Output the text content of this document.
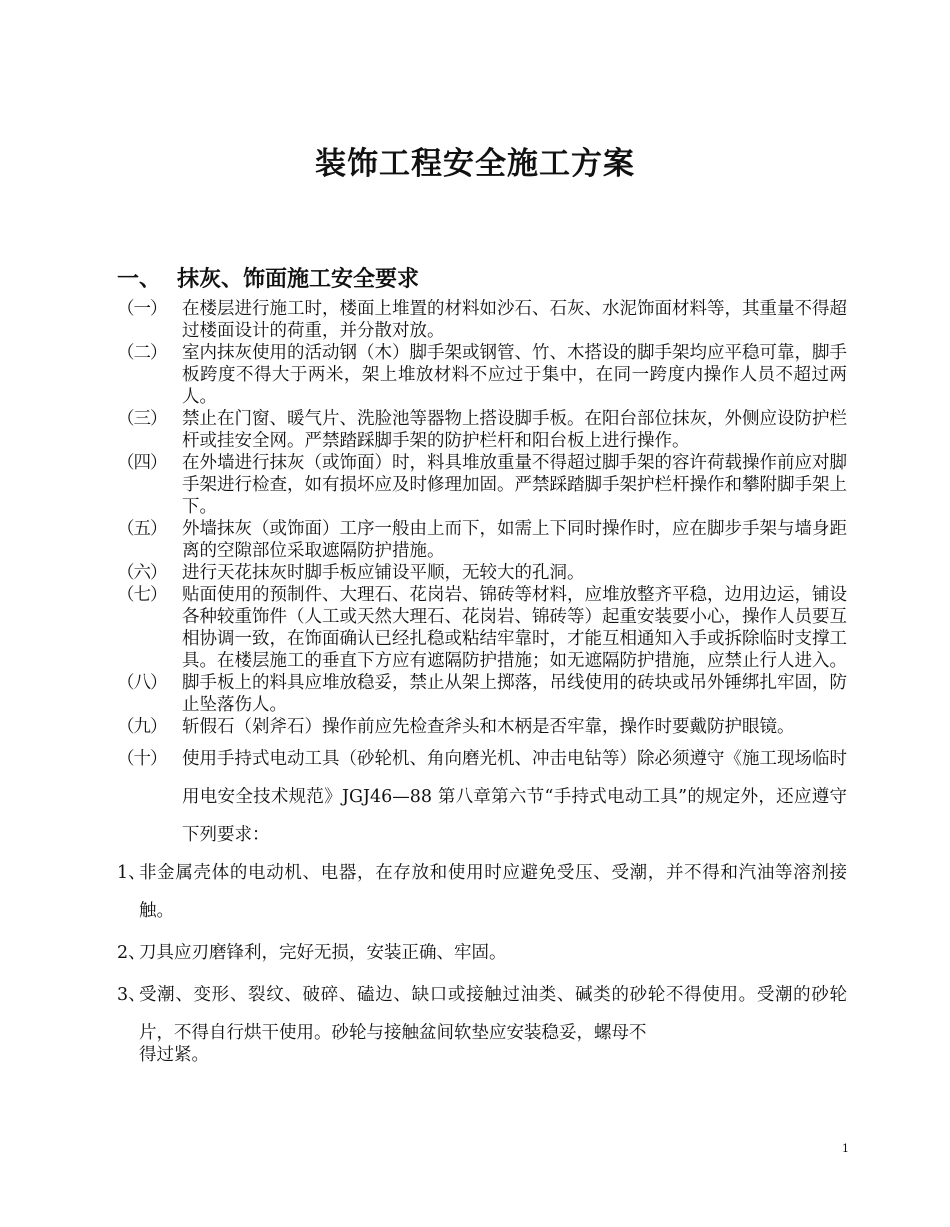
装饰工程安全施工方案
一、 抹灰、饰面施工安全要求

（一） 在楼层进行施工时，楼面上堆置的材料如沙石、石灰、水泥饰面材料等，其重量不得超过楼面设计的荷重，并分散对放。

（二） 室内抹灰使用的活动钢（木）脚手架或钢管、竹、木搭设的脚手架均应平稳可靠，脚手板跨度不得大于两米，架上堆放材料不应过于集中，在同一跨度内操作人员不超过两人。

（三） 禁止在门窗、暖气片、洗脸池等器物上搭设脚手板。在阳台部位抹灰，外侧应设防护栏杆或挂安全网。严禁踏踩脚手架的防护栏杆和阳台板上进行操作。

（四） 在外墙进行抹灰（或饰面）时，料具堆放重量不得超过脚手架的容许荷载操作前应对脚手架进行检查，如有损坏应及时修理加固。严禁踩踏脚手架护栏杆操作和攀附脚手架上下。

（五） 外墙抹灰（或饰面）工序一般由上而下，如需上下同时操作时，应在脚步手架与墙身距离的空隙部位采取遮隔防护措施。

（六） 进行天花抹灰时脚手板应铺设平顺，无较大的孔洞。

（七） 贴面使用的预制件、大理石、花岗岩、锦砖等材料，应堆放整齐平稳，边用边运，铺设各种较重饰件（人工或天然大理石、花岗岩、锦砖等）起重安装要小心，操作人员要互相协调一致，在饰面确认已经扎稳或粘结牢靠时，才能互相通知入手或拆除临时支撑工具。在楼层施工的垂直下方应有遮隔防护措施；如无遮隔防护措施，应禁止行人进入。

（八） 脚手板上的料具应堆放稳妥，禁止从架上掷落，吊线使用的砖块或吊外锤绑扎牢固，防止坠落伤人。

（九） 斩假石（剁斧石）操作前应先检查斧头和木柄是否牢靠，操作时要戴防护眼镜。

（十） 使用手持式电动工具（砂轮机、角向磨光机、冲击电钻等）除必须遵守《施工现场临时用电安全技术规范》JGJ46—88 第八章第六节“手持式电动工具”的规定外，还应遵守下列要求：

1、
非金属壳体的电动机、电器，在存放和使用时应避免受压、受潮，并不得和汽油等溶剂接触。

2、
刀具应刃磨锋利，完好无损，安装正确、牢固。

3、
受潮、变形、裂纹、破碎、磕边、缺口或接触过油类、碱类的砂轮不得使用。受潮的砂轮片，不得自行烘干使用。砂轮与接触盆间软垫应安装稳妥，螺母不
得过紧。

1
